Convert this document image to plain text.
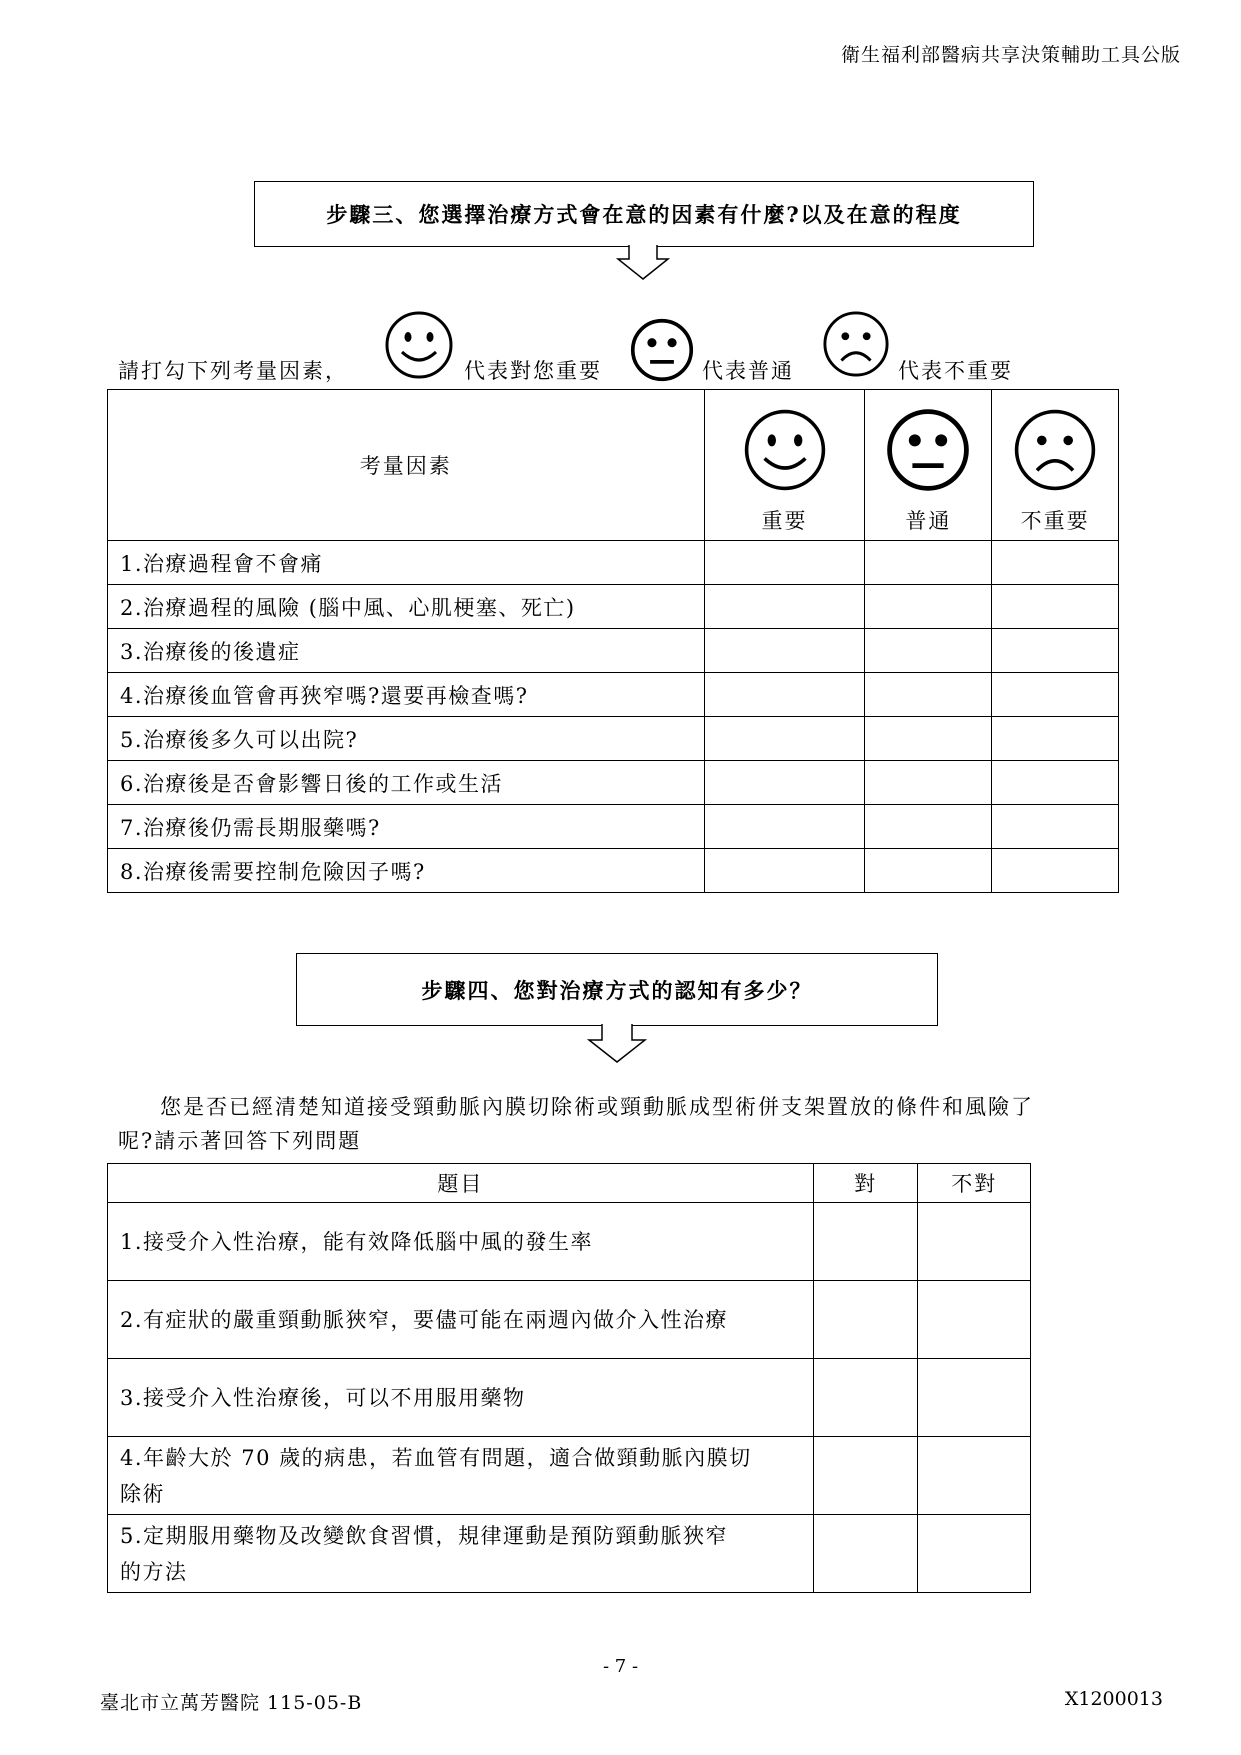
衛生福利部醫病共享決策輔助工具公版
步驟三、您選擇治療方式會在意的因素有什麼?以及在意的程度
請打勾下列考量因素，	代表對您重要	代表普通	代表不重要
考量因素	重要	普通	不重要

1.治療過程會不會痛			
2.治療過程的風險 (腦中風、心肌梗塞、死亡)			
3.治療後的後遺症			
4.治療後血管會再狹窄嗎?還要再檢查嗎?			
5.治療後多久可以出院?			
6.治療後是否會影響日後的工作或生活			
7.治療後仍需長期服藥嗎?			
8.治療後需要控制危險因子嗎?			
步驟四、您對治療方式的認知有多少？
您是否已經清楚知道接受頸動脈內膜切除術或頸動脈成型術併支架置放的條件和風險了
呢?請示著回答下列問題
題目	對	不對
1.接受介入性治療，能有效降低腦中風的發生率		
2.有症狀的嚴重頸動脈狹窄，要儘可能在兩週內做介入性治療		
3.接受介入性治療後，可以不用服用藥物		

4.年齡大於 70 歲的病患，若血管有問題，適合做頸動脈內膜切
除術		

5.定期服用藥物及改變飲食習慣，規律運動是預防頸動脈狹窄
的方法		

- 7 -
臺北市立萬芳醫院 115-05-B	X1200013
